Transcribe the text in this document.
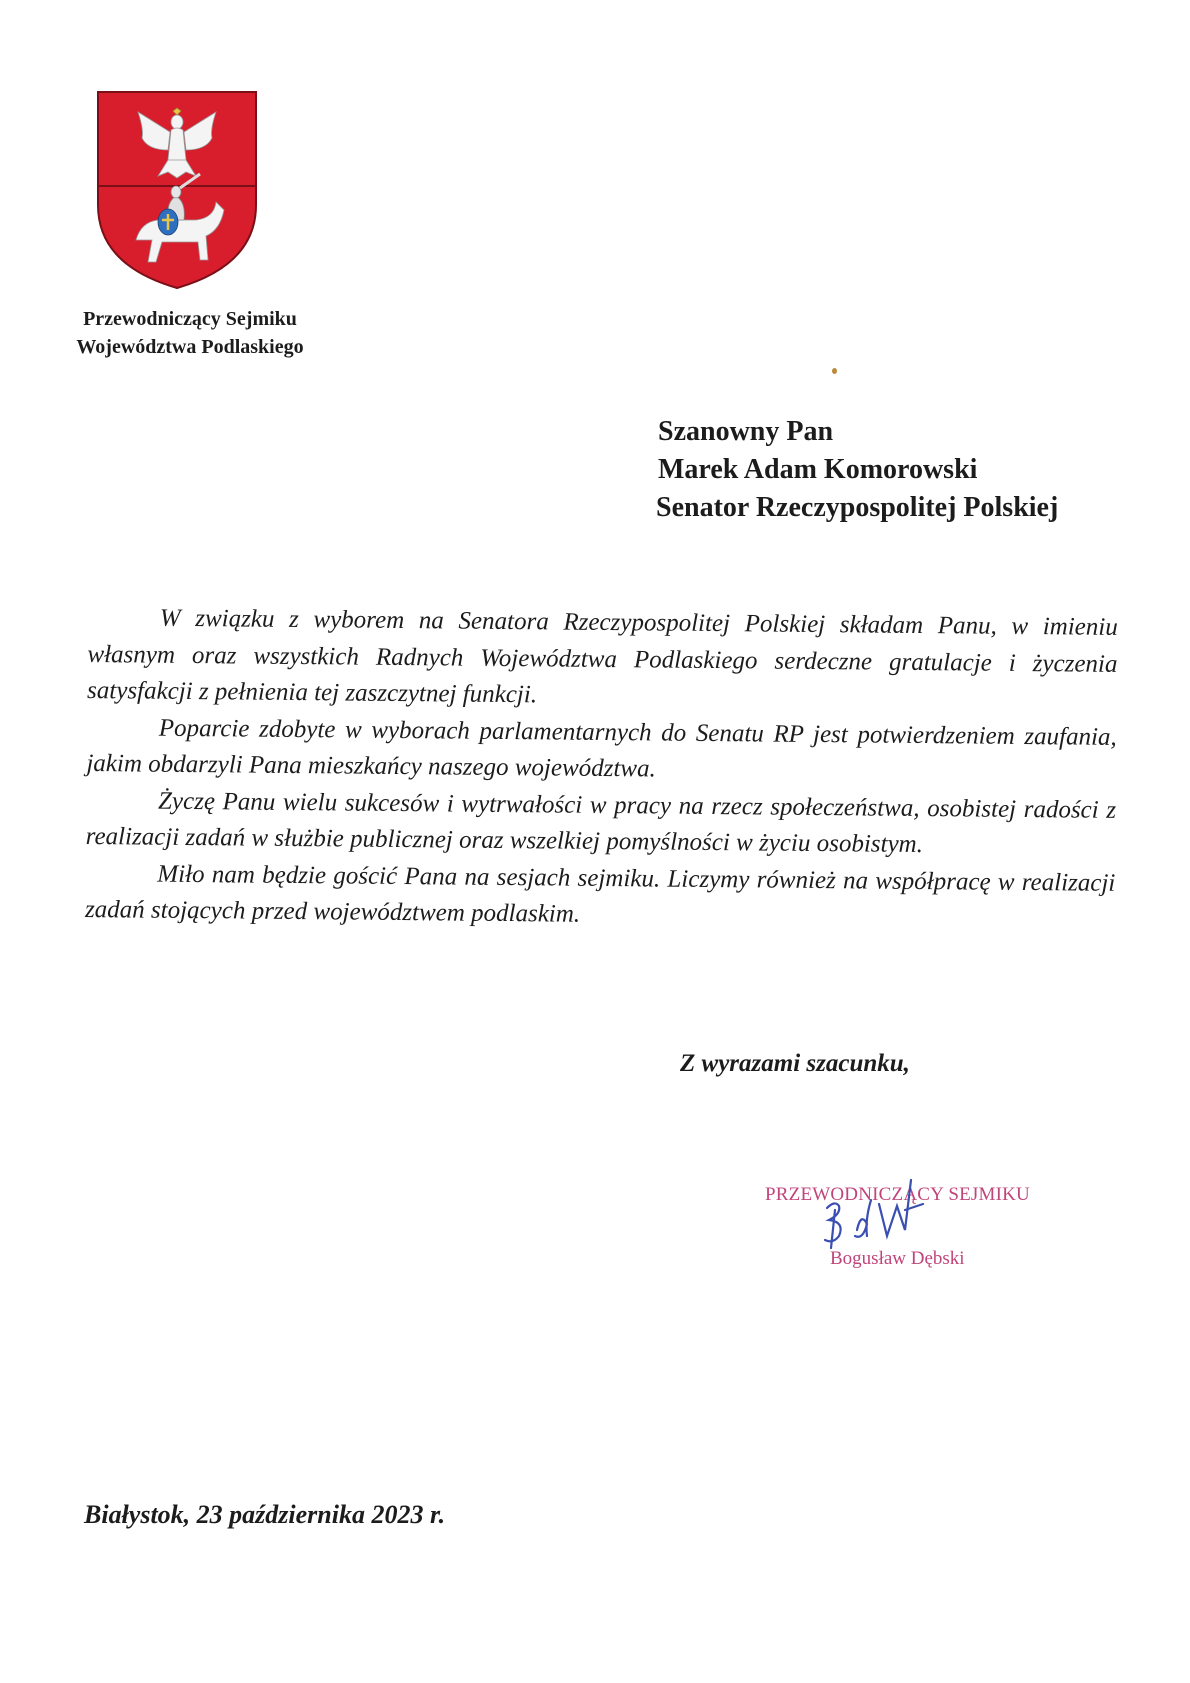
Przewodniczący Sejmiku
Województwa Podlaskiego
Szanowny Pan
Marek Adam Komorowski
Senator Rzeczypospolitej Polskiej

W związku z wyborem na Senatora Rzeczypospolitej Polskiej składam Panu, w imieniu własnym oraz wszystkich Radnych Województwa Podlaskiego serdeczne gratulacje i życzenia satysfakcji z pełnienia tej zaszczytnej funkcji.

Poparcie zdobyte w wyborach parlamentarnych do Senatu RP jest potwierdzeniem zaufania, jakim obdarzyli Pana mieszkańcy naszego województwa.

Życzę Panu wielu sukcesów i wytrwałości w pracy na rzecz społeczeństwa, osobistej radości z realizacji zadań w służbie publicznej oraz wszelkiej pomyślności w życiu osobistym.

Miło nam będzie gościć Pana na sesjach sejmiku. Liczymy również na współpracę w realizacji zadań stojących przed województwem podlaskim.

Z wyrazami szacunku,
PRZEWODNICZĄCY SEJMIKU
Bogusław Dębski
Białystok, 23 października 2023 r.
